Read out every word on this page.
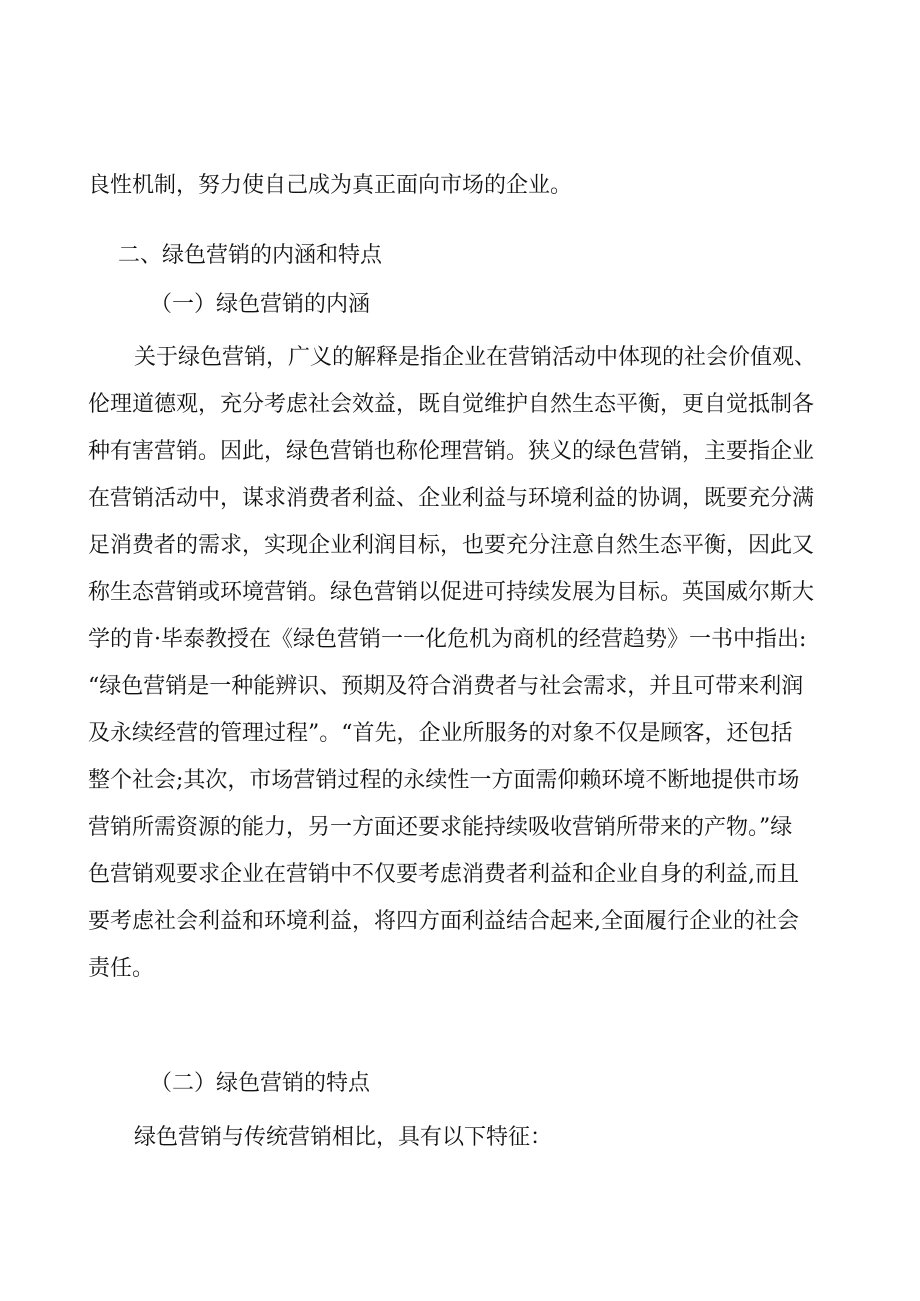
良性机制，努力使自己成为真正面向市场的企业。
二、绿色营销的内涵和特点
（一）绿色营销的内涵
关于绿色营销，广义的解释是指企业在营销活动中体现的社会价值观、
伦理道德观，充分考虑社会效益，既自觉维护自然生态平衡，更自觉抵制各
种有害营销。因此，绿色营销也称伦理营销。狭义的绿色营销，主要指企业
在营销活动中，谋求消费者利益、企业利益与环境利益的协调，既要充分满
足消费者的需求，实现企业利润目标，也要充分注意自然生态平衡，因此又
称生态营销或环境营销。绿色营销以促进可持续发展为目标。英国威尔斯大
学的肯·毕泰教授在《绿色营销一一化危机为商机的经营趋势》一书中指出:
“绿色营销是一种能辨识、预期及符合消费者与社会需求，并且可带来利润
及永续经营的管理过程”。“首先，企业所服务的对象不仅是顾客，还包括
整个社会;其次，市场营销过程的永续性一方面需仰赖环境不断地提供市场
营销所需资源的能力，另一方面还要求能持续吸收营销所带来的产物。”绿
色营销观要求企业在营销中不仅要考虑消费者利益和企业自身的利益,而且
要考虑社会利益和环境利益，将四方面利益结合起来,全面履行企业的社会
责任。
（二）绿色营销的特点
绿色营销与传统营销相比，具有以下特征：
